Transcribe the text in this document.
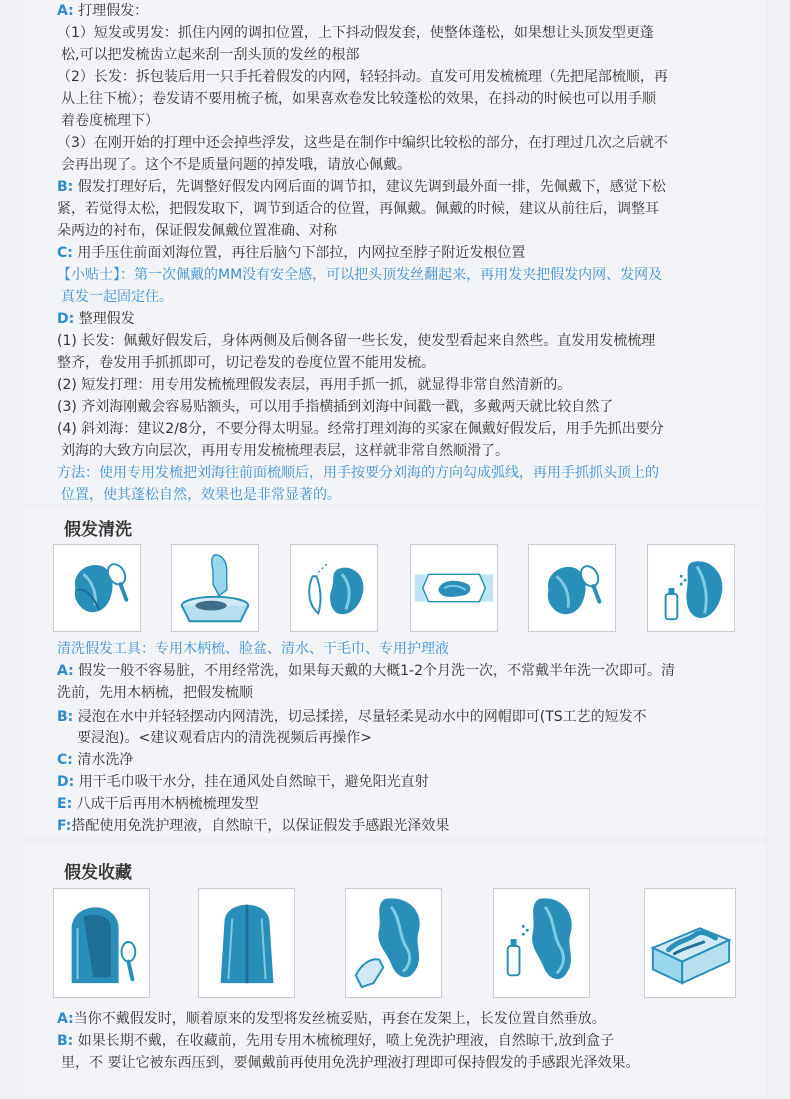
A: 打理假发：
（1）短发或男发：抓住内网的调扣位置，上下抖动假发套，使整体蓬松，如果想让头顶发型更蓬
松,可以把发梳齿立起来刮一刮头顶的发丝的根部
（2）长发：拆包装后用一只手托着假发的内网，轻轻抖动。直发可用发梳梳理（先把尾部梳顺，再
从上往下梳）；卷发请不要用梳子梳，如果喜欢卷发比较蓬松的效果，在抖动的时候也可以用手顺
着卷度梳理下）
（3）在刚开始的打理中还会掉些浮发，这些是在制作中编织比较松的部分，在打理过几次之后就不
会再出现了。这个不是质量问题的掉发哦，请放心佩戴。
B: 假发打理好后，先调整好假发内网后面的调节扣，建议先调到最外面一排，先佩戴下，感觉下松
紧，若觉得太松，把假发取下，调节到适合的位置，再佩戴。佩戴的时候，建议从前往后，调整耳
朵两边的衬布，保证假发佩戴位置准确、对称
C: 用手压住前面刘海位置，再往后脑勺下部拉，内网拉至脖子附近发根位置
【小贴士】：第一次佩戴的MM没有安全感，可以把头顶发丝翻起来，再用发夹把假发内网、发网及
真发一起固定住。
D: 整理假发
(1) 长发：佩戴好假发后，身体两侧及后侧各留一些长发，使发型看起来自然些。直发用发梳梳理
整齐，卷发用手抓抓即可，切记卷发的卷度位置不能用发梳。
(2) 短发打理：用专用发梳梳理假发表层，再用手抓一抓，就显得非常自然清新的。
(3) 齐刘海刚戴会容易贴额头，可以用手指横插到刘海中间戳一戳，多戴两天就比较自然了
(4) 斜刘海：建议2/8分，不要分得太明显。经常打理刘海的买家在佩戴好假发后，用手先抓出要分
刘海的大致方向层次，再用专用发梳梳理表层，这样就非常自然顺滑了。
方法：使用专用发梳把刘海往前面梳顺后，用手按要分刘海的方向勾成弧线，再用手抓抓头顶上的
位置，使其蓬松自然，效果也是非常显著的。
假发清洗
清洗假发工具：专用木柄梳、脸盆、清水、干毛巾、专用护理液
A: 假发一般不容易脏，不用经常洗，如果每天戴的大概1-2个月洗一次，不常戴半年洗一次即可。清
洗前，先用木柄梳，把假发梳顺
B: 浸泡在水中并轻轻摆动内网清洗，切忌揉搓，尽量轻柔晃动水中的网帽即可(TS工艺的短发不
要浸泡)。<建议观看店内的清洗视频后再操作>
C: 清水洗净
D: 用干毛巾吸干水分，挂在通风处自然晾干，避免阳光直射
E: 八成干后再用木柄梳梳理发型
F:搭配使用免洗护理液，自然晾干，以保证假发手感跟光泽效果
假发收藏
A:当你不戴假发时，顺着原来的发型将发丝梳妥贴，再套在发架上，长发位置自然垂放。
B: 如果长期不戴，在收藏前，先用专用木梳梳理好，喷上免洗护理液，自然晾干,放到盒子
里，不 要让它被东西压到，要佩戴前再使用免洗护理液打理即可保持假发的手感跟光泽效果。
